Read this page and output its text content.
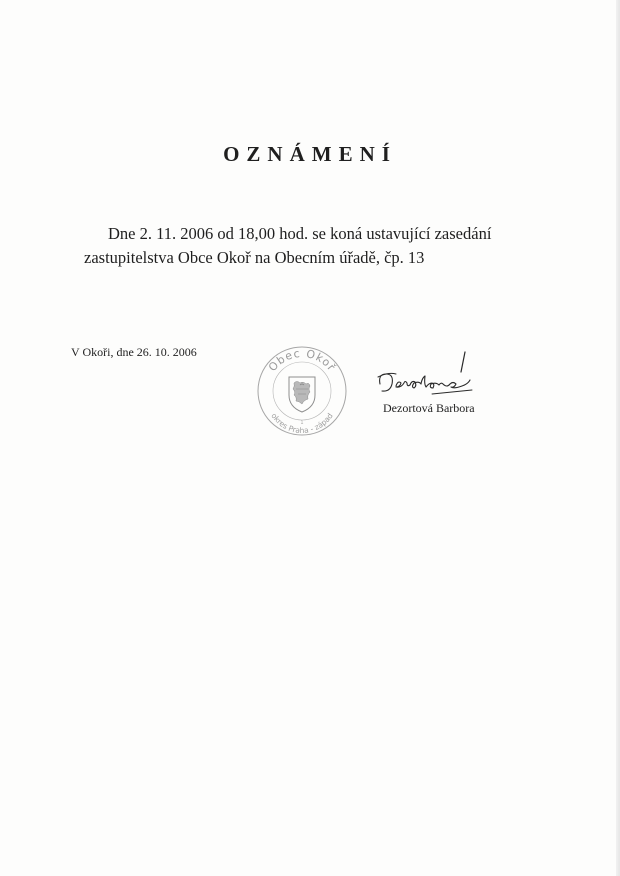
OZNÁMENÍ
Dne 2. 11. 2006 od 18,00 hod. se koná ustavující zasedání
zastupitelstva Obce Okoř na Obecním úřadě, čp. 13
V Okoři, dne 26. 10. 2006
Obec Okoř
okres Praha - západ
1
Dezortová Barbora
